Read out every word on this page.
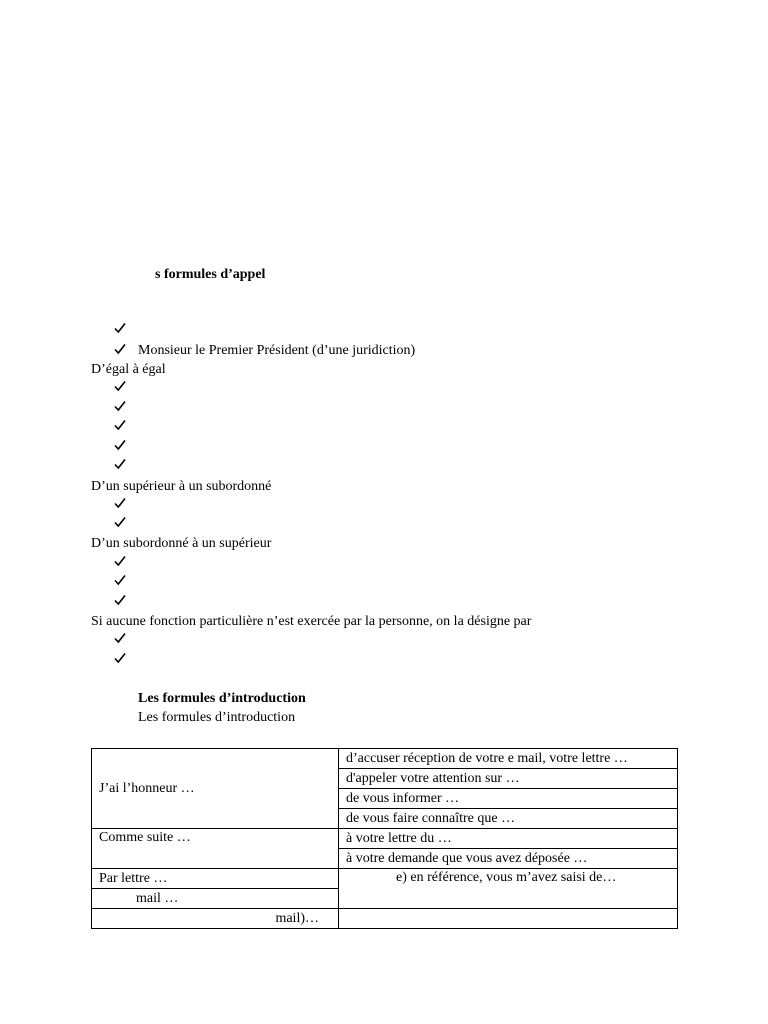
s formules d’appel
Monsieur le Premier Président (d’une juridiction)
D’égal à égal
D’un supérieur à un subordonné
D’un subordonné à un supérieur
Si aucune fonction particulière n’est exercée par la personne, on la désigne par
Les formules d’introduction
Les formules d’introduction
J’ai l’honneur …	d’accuser réception de votre e mail, votre lettre …
	d'appeler votre attention sur …
	de vous informer …
	de vous faire connaître que …
Comme suite …	à votre lettre du …
	à votre demande que vous avez déposée …
Par lettre …	e) en référence, vous m’avez saisi de…
mail …	
mail)…	
